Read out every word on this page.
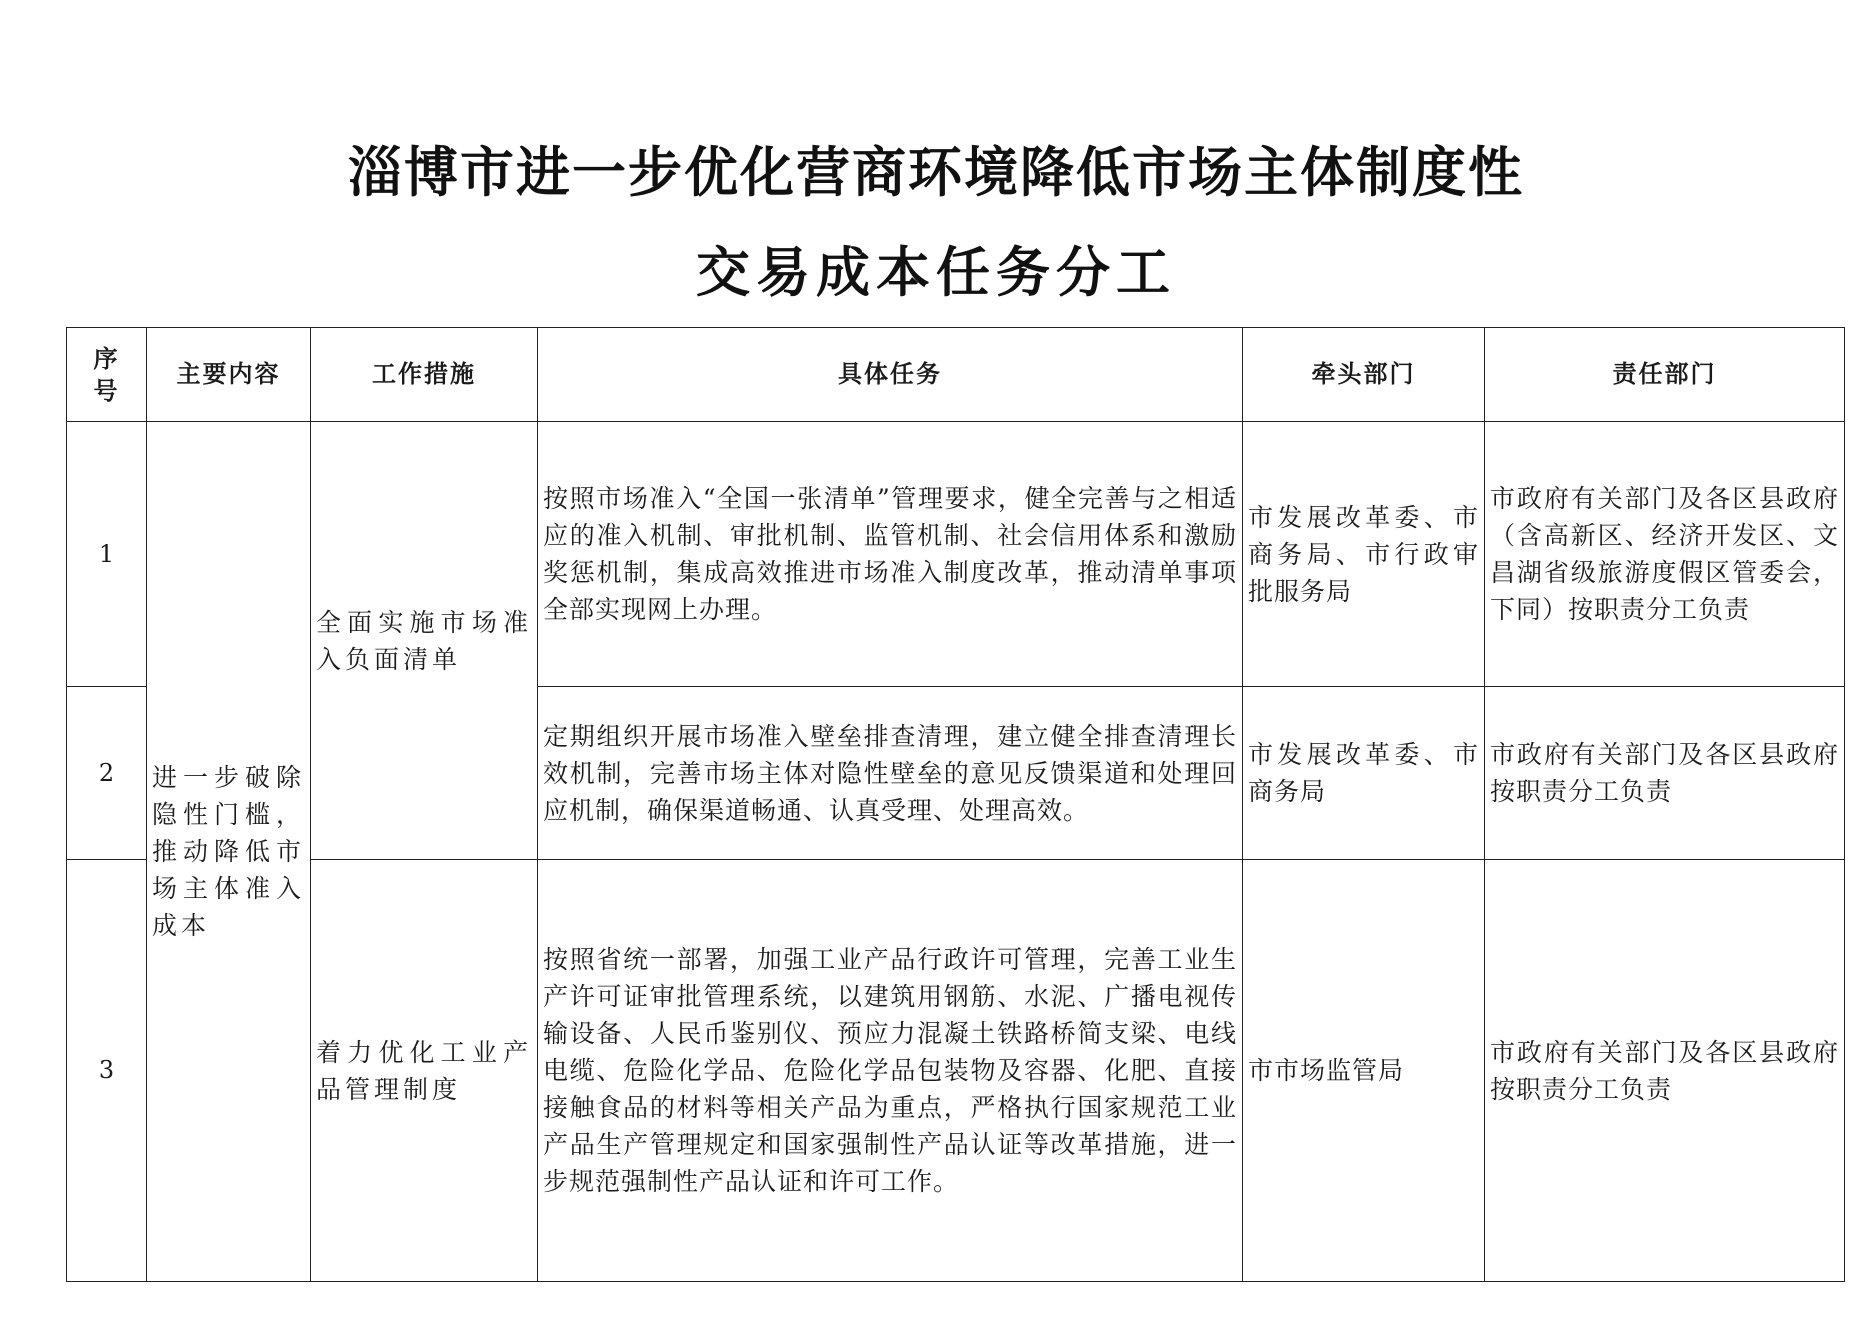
淄博市进一步优化营商环境降低市场主体制度性
交易成本任务分工
序号	主要内容	工作措施	具体任务	牵头部门	责任部门
1	进一步破除隐性门槛，推动降低市场主体准入成本	全面实施市场准入负面清单	按照市场准入“全国一张清单”管理要求，健全完善与之相适应的准入机制、审批机制、监管机制、社会信用体系和激励奖惩机制，集成高效推进市场准入制度改革，推动清单事项全部实现网上办理。	市发展改革委、市商务局、市行政审批服务局	市政府有关部门及各区县政府（含高新区、经济开发区、文昌湖省级旅游度假区管委会，下同）按职责分工负责
2			定期组织开展市场准入壁垒排查清理，建立健全排查清理长效机制，完善市场主体对隐性壁垒的意见反馈渠道和处理回应机制，确保渠道畅通、认真受理、处理高效。	市发展改革委、市商务局	市政府有关部门及各区县政府按职责分工负责
3		着力优化工业产品管理制度	按照省统一部署，加强工业产品行政许可管理，完善工业生产许可证审批管理系统，以建筑用钢筋、水泥、广播电视传输设备、人民币鉴别仪、预应力混凝土铁路桥简支梁、电线电缆、危险化学品、危险化学品包装物及容器、化肥、直接接触食品的材料等相关产品为重点，严格执行国家规范工业产品生产管理规定和国家强制性产品认证等改革措施，进一步规范强制性产品认证和许可工作。	市市场监管局	市政府有关部门及各区县政府按职责分工负责
